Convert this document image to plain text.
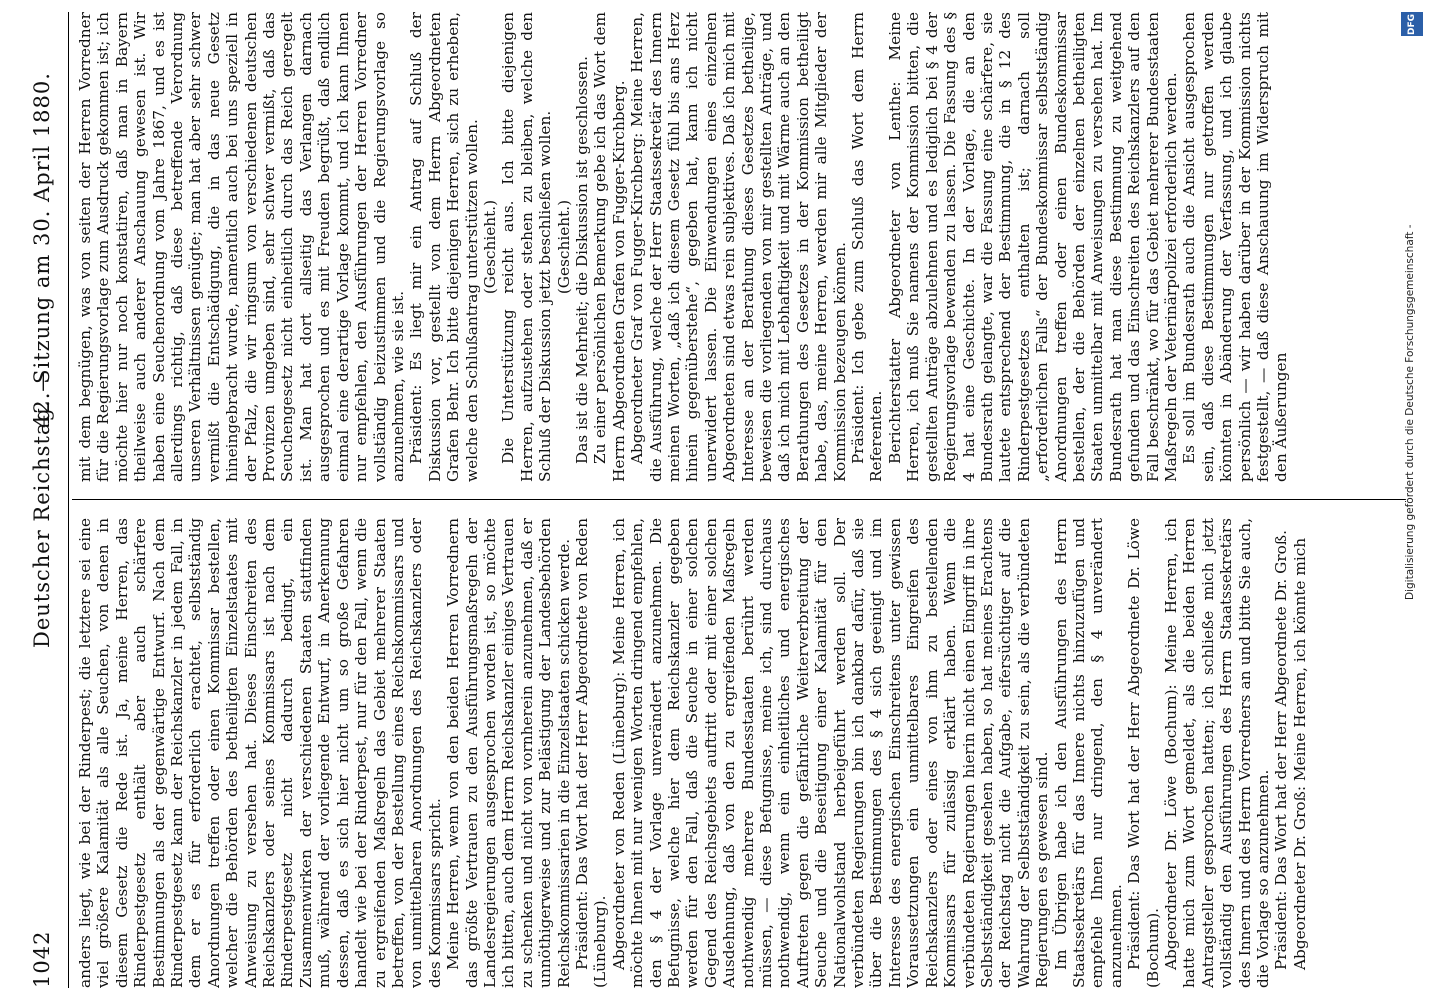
1042
Deutscher Reichstag. —
42. Sitzung am 30. April 1880.

anders liegt, wie bei der Rinderpest; die letztere sei eine viel größere Kalamität als alle Seuchen, von denen in diesem Gesetz die Rede ist. Ja, meine Herren, das Rinderpestgesetz enthält aber auch schärfere Bestimmungen als der gegenwärtige Entwurf. Nach dem Rinderpestgesetz kann der Reichskanzler in jedem Fall, in dem er es für erforderlich erachtet, selbstständig Anordnungen treffen oder einen Kommissar bestellen, welcher die Behörden des betheiligten Einzelstaates mit Anweisung zu versehen hat. Dieses Einschreiten des Reichskanzlers oder seines Kommissars ist nach dem Rinderpestgesetz nicht dadurch bedingt, ein Zusammenwirken der verschiedenen Staaten stattfinden muß, während der vorliegende Entwurf, in Anerkennung dessen, daß es sich hier nicht um so große Gefahren handelt wie bei der Rinderpest, nur für den Fall, wenn die zu ergreifenden Maßregeln das Gebiet mehrerer Staaten betreffen, von der Bestellung eines Reichskommissars und von unmittelbaren Anordnungen des Reichskanzlers oder des Kommissars spricht. Meine Herren, wenn von den beiden Herren Vorrednern das größte Vertrauen zu den Ausführungsmaßregeln der Landesregierungen ausgesprochen worden ist, so möchte ich bitten, auch dem Herrn Reichskanzler einiges Vertrauen zu schenken und nicht von vornherein anzunehmen, daß er unnöthigerweise und zur Belästigung der Landesbehörden Reichskommissarien in die Einzelstaaten schicken werde. Präsident: Das Wort hat der Herr Abgeordnete von Reden (Lüneburg). Abgeordneter von Reden (Lüneburg): Meine Herren, ich möchte Ihnen mit nur wenigen Worten dringend empfehlen, den § 4 der Vorlage unverändert anzunehmen. Die Befugnisse, welche hier dem Reichskanzler gegeben werden für den Fall, daß die Seuche in einer solchen Gegend des Reichsgebiets auftritt oder mit einer solchen Ausdehnung, daß von den zu ergreifenden Maßregeln nothwendig mehrere Bundesstaaten berührt werden müssen, — diese Befugnisse, meine ich, sind durchaus nothwendig, wenn ein einheitliches und energisches Auftreten gegen die gefährliche Weiterverbreitung der Seuche und die Beseitigung einer Kalamität für den Nationalwohlstand herbeigeführt werden soll. Der verbündeten Regierungen bin ich dankbar dafür, daß sie über die Bestimmungen des § 4 sich geeinigt und im Interesse des energischen Einschreitens unter gewissen Voraussetzungen ein unmittelbares Eingreifen des Reichskanzlers oder eines von ihm zu bestellenden Kommissars für zulässig erklärt haben. Wenn die verbündeten Regierungen hierin nicht einen Eingriff in ihre Selbstständigkeit gesehen haben, so hat meines Erachtens der Reichstag nicht die Aufgabe, eifersüchtiger auf die Wahrung der Selbstständigkeit zu sein, als die verbündeten Regierungen es gewesen sind. Im Übrigen habe ich den Ausführungen des Herrn Staatssekretärs für das Innere nichts hinzuzufügen und empfehle Ihnen nur dringend, den § 4 unverändert anzunehmen. Präsident: Das Wort hat der Herr Abgeordnete Dr. Löwe (Bochum). Abgeordneter Dr. Löwe (Bochum): Meine Herren, ich hatte mich zum Wort gemeldet, als die beiden Herren Antragsteller gesprochen hatten; ich schließe mich jetzt vollständig den Ausführungen des Herrn Staatssekretärs des Innern und des Herrn Vorredners an und bitte Sie auch, die Vorlage so anzunehmen. Präsident: Das Wort hat der Herr Abgeordnete Dr. Groß. Abgeordneter Dr. Groß: Meine Herren, ich könnte mich

mit dem begnügen, was von seiten der Herren Vorredner für die Regierungsvorlage zum Ausdruck gekommen ist; ich möchte hier nur noch konstatiren, daß man in Bayern theilweise auch anderer Anschauung gewesen ist. Wir haben eine Seuchenordnung vom Jahre 1867, und es ist allerdings richtig, daß diese betreffende Verordnung unseren Verhältnissen genügte; man hat aber sehr schwer vermißt die Entschädigung, die in das neue Gesetz hineingebracht wurde, namentlich auch bei uns speziell in der Pfalz, die wir ringsum von verschiedenen deutschen Provinzen umgeben sind, sehr schwer vermißt, daß das Seuchengesetz nicht einheitlich durch das Reich geregelt ist. Man hat dort allseitig das Verlangen darnach ausgesprochen und es mit Freuden begrüßt, daß endlich einmal eine derartige Vorlage kommt, und ich kann Ihnen nur empfehlen, den Ausführungen der Herren Vorredner vollständig beizustimmen und die Regierungsvorlage so anzunehmen, wie sie ist. Präsident: Es liegt mir ein Antrag auf Schluß der Diskussion vor, gestellt von dem Herrn Abgeordneten Grafen Behr. Ich bitte diejenigen Herren, sich zu erheben, welche den Schlußantrag unterstützen wollen. (Geschieht.) Die Unterstützung reicht aus. Ich bitte diejenigen Herren, aufzustehen oder stehen zu bleiben, welche den Schluß der Diskussion jetzt beschließen wollen. (Geschieht.) Das ist die Mehrheit; die Diskussion ist geschlossen. Zu einer persönlichen Bemerkung gebe ich das Wort dem Herrn Abgeordneten Grafen von Fugger-Kirchberg. Abgeordneter Graf von Fugger-Kirchberg: Meine Herren, die Ausführung, welche der Herr Staatssekretär des Innern meinen Worten, „daß ich diesem Gesetz fühl bis ans Herz hinein gegenüberstehe“, gegeben hat, kann ich nicht unerwidert lassen. Die Einwendungen eines einzelnen Abgeordneten sind etwas rein subjektives. Daß ich mich mit Interesse an der Berathung dieses Gesetzes betheilige, beweisen die vorliegenden von mir gestellten Anträge, und daß ich mich mit Lebhaftigkeit und mit Wärme auch an den Berathungen des Gesetzes in der Kommission betheiligt habe, das, meine Herren, werden mir alle Mitglieder der Kommission bezeugen können. Präsident: Ich gebe zum Schluß das Wort dem Herrn Referenten. Berichterstatter Abgeordneter von Lenthe: Meine Herren, ich muß Sie namens der Kommission bitten, die gestellten Anträge abzulehnen und es lediglich bei § 4 der Regierungsvorlage bewenden zu lassen. Die Fassung des § 4 hat eine Geschichte. In der Vorlage, die an den Bundesrath gelangte, war die Fassung eine schärfere, sie lautete entsprechend der Bestimmung, die in § 12 des Rinderpestgesetzes enthalten ist; darnach soll „erforderlichen Falls“ der Bundeskommissar selbstständig Anordnungen treffen oder einen Bundeskommissar bestellen, der die Behörden der einzelnen betheiligten Staaten unmittelbar mit Anweisungen zu versehen hat. Im Bundesrath hat man diese Bestimmung zu weitgehend gefunden und das Einschreiten des Reichskanzlers auf den Fall beschränkt, wo für das Gebiet mehrerer Bundesstaaten Maßregeln der Veterinärpolizei erforderlich werden. Es soll im Bundesrath auch die Ansicht ausgesprochen sein, daß diese Bestimmungen nur getroffen werden könnten in Abänderung der Verfassung, und ich glaube persönlich — wir haben darüber in der Kommission nichts festgestellt, — daß diese Anschauung im Widerspruch mit den Äußerungen

DFG
Digitalisierung gefördert durch die Deutsche Forschungsgemeinschaft -
